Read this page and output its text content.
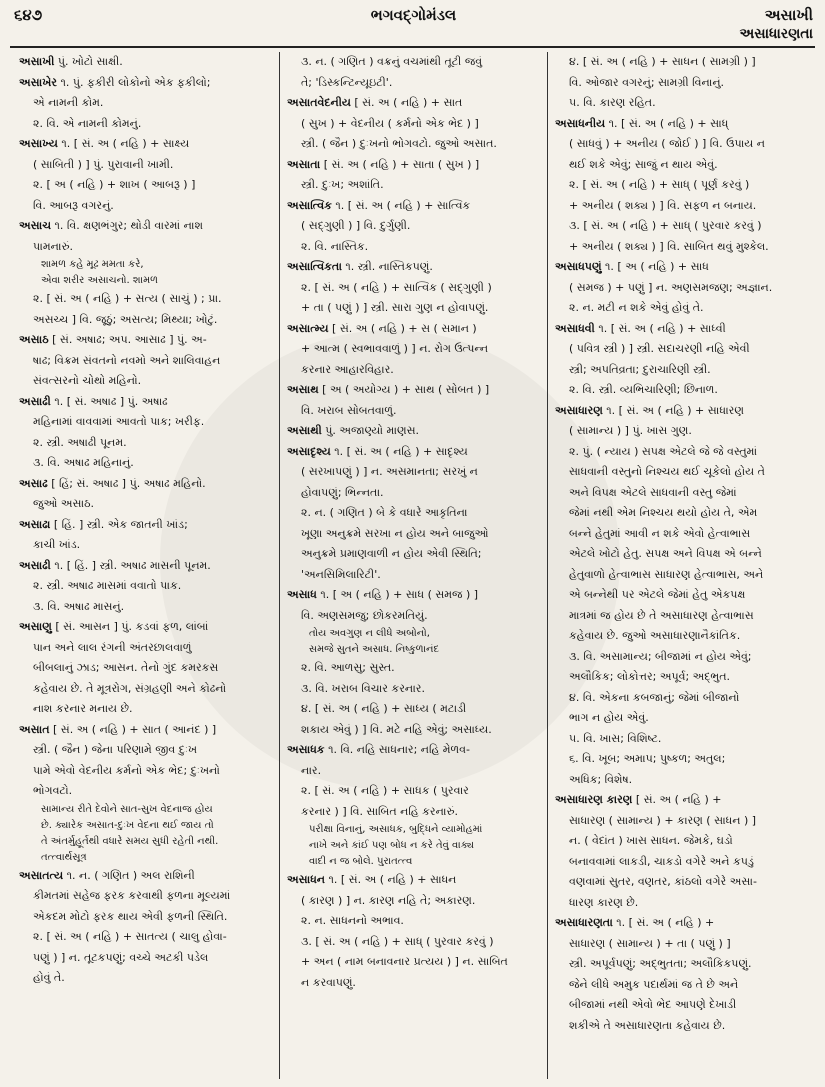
૬૪૭	ભગવદ્ગોમંડલ	અસાખી
અસાધારણતા

અસાખી પું. ખોટો સાક્ષી.

અસાખેર ૧. પું. ફકીરી લોકોનો એક ફકીલો;

એ નામની કોમ.

૨. વિ. એ નામની કોમનું.

અસાખ્ય ૧. [ સં. અ ( નહિ ) + સાક્ષ્ય

( સાબિતી ) ] પું. પુરાવાની ખામી.

૨. [ અ ( નહિ ) + શાખ ( આબરૂ ) ]

વિ. આબરૂ વગરનું.

અસાચ ૧. વિ. ક્ષણભંગુર; થોડી વારમાં નાશ

પામનારું.

શામળ કહે મૂઢ મમતા કરે,

એવા શરીર અસાચનો. શામળ

૨. [ સં. અ ( નહિ ) + સત્ય ( સાચું ) ; પ્રા.

અસચ્ચ ] વિ. જૂઠું; અસત્ય; મિથ્યા; ખોટું.

અસાઠ [ સં. અષાઢ; અપ. આસાઢ ] પું. અ-

ષાઢ; વિક્રમ સંવતનો નવમો અને શાલિવાહન

સંવત્સરનો ચોથો મહિનો.

અસાઢી ૧. [ સં. અષાઢ ] પું. અષાઢ

મહિનામાં વાવવામાં આવતો પાક; ખરીફ.

૨. સ્ત્રી. અષાઢી પૂનમ.

૩. વિ. અષાઢ મહિનાનું.

અસાઢ [ હિં; સં. અષાઢ ] પું. અષાઢ મહિનો.

જુઓ અસાઠ.

અસાઢા [ હિં. ] સ્ત્રી. એક જાતની ખાંડ;

કાચી ખાંડ.

અસાઢી ૧. [ હિં. ] સ્ત્રી. અષાઢ માસની પૂનમ.

૨. સ્ત્રી. અષાઢ માસમાં વવાતો પાક.

૩. વિ. અષાઢ માસનું.

અસાણુ [ સં. આસન ] પું. કડવાં ફળ, લાંબાં

પાન અને લાલ રંગની અંતરછાલવાળું

બીબલાનું ઝાડ; આસન. તેનો ગુંદ કમરકસ

કહેવાય છે. તે મૂત્રરોગ, સંગ્રહણી અને કોઢનો

નાશ કરનાર મનાય છે.

અસાત [ સં. અ ( નહિ ) + સાત ( આનંદ ) ]

સ્ત્રી. ( જૈન ) જેના પરિણામે જીવ દુઃખ

પામે એવો વેદનીય કર્મનો એક ભેદ; દુઃખનો

ભોગવટો.

સામાન્ય રીતે દેવોને સાત-સુખ વેદનાજ હોય

છે. ક્યારેક અસાત-દુઃખ વેદના થઈ જાય તો

તે અંતર્મુહૂર્તથી વધારે સમય સુધી રહેતી નથી.

તત્ત્વાર્થસૂત્ર

અસાતત્ય ૧. ન. ( ગણિત ) અલ રાશિની

કીમતમાં સહેજ ફરક કરવાથી ફળના મૂલ્યમાં

એકદમ મોટો ફરક થાય એવી ફળની સ્થિતિ.

૨. [ સં. અ ( નહિ ) + સાતત્ય ( ચાલુ હોવા-

પણું ) ] ન. તૂટકપણું; વચ્ચે અટકી પડેલ

હોવું તે.

૩. ન. ( ગણિત ) વક્રનું વચમાંથી તૂટી જવું

તે; 'ડિસ્કન્ટિન્યૂઇટી'.

અસાતવેદનીય [ સં. અ ( નહિ ) + સાત

( સુખ ) + વેદનીય ( કર્મનો એક ભેદ ) ]

સ્ત્રી. ( જૈન ) દુઃખનો ભોગવટો. જુઓ અસાત.

અસાતા [ સં. અ ( નહિ ) + સાતા ( સુખ ) ]

સ્ત્રી. દુઃખ; અશાંતિ.

અસાત્વિક ૧. [ સં. અ ( નહિ ) + સાત્વિક

( સદ્ગુણી ) ] વિ. દુર્ગુણી.

૨. વિ. નાસ્તિક.

અસાત્વિકતા ૧. સ્ત્રી. નાસ્તિકપણું.

૨. [ સં. અ ( નહિ ) + સાત્વિક ( સદ્ગુણી )

+ તા ( પણું ) ] સ્ત્રી. સારા ગુણ ન હોવાપણું.

અસાત્મ્ય [ સં. અ ( નહિ ) + સ ( સમાન )

+ આત્મ ( સ્વભાવવાળું ) ] ન. રોગ ઉત્પન્ન

કરનાર આહારવિહાર.

અસાથ [ અ ( અયોગ્ય ) + સાથ ( સોબત ) ]

વિ. ખરાબ સોબતવાળું.

અસાથી પું. અજાણ્યો માણસ.

અસાદૃશ્ય ૧. [ સં. અ ( નહિ ) + સાદૃશ્ય

( સરખાપણું ) ] ન. અસમાનતા; સરખું ન

હોવાપણું; ભિન્નતા.

૨. ન. ( ગણિત ) બે કે વધારે આકૃતિના

ખૂણા અનુક્રમે સરખા ન હોય અને બાજુઓ

અનુક્રમે પ્રમાણવાળી ન હોય એવી સ્થિતિ;

'અનસિમિલારિટી'.

અસાધ ૧. [ અ ( નહિ ) + સાધ ( સમજ ) ]

વિ. અણસમજુ; છોકરમતિયું.

તોય અવગુણ ન લીધે અબોનો,

સમજે સુતને અસાધ. નિષ્કુળાનંદ

૨. વિ. આળસુ; સુસ્ત.

૩. વિ. ખરાબ વિચાર કરનાર.

૪. [ સં. અ ( નહિ ) + સાધ્ય ( મટાડી

શકાય એવું ) ] વિ. મટે નહિ એવું; અસાધ્ય.

અસાધક ૧. વિ. નહિ સાધનાર; નહિ મેળવ-

નાર.

૨. [ સં. અ ( નહિ ) + સાધક ( પુરવાર

કરનાર ) ] વિ. સાબિત નહિ કરનારું.

પરીક્ષા વિનાનું, અસાધક, બુદ્ધિને વ્યામોહમાં

નાખે અને કાંઈ પણ બોધ ન કરે તેવું વાક્ય

વાદી ન જ બોલે. પુરાતત્ત્વ

અસાધન ૧. [ સં. અ ( નહિ ) + સાધન

( કારણ ) ] ન. કારણ નહિ તે; અકારણ.

૨. ન. સાધનનો અભાવ.

૩. [ સં. અ ( નહિ ) + સાધ્ ( પુરવાર કરવું )

+ અન ( નામ બનાવનાર પ્રત્યય ) ] ન. સાબિત

ન કરવાપણું.

૪. [ સં. અ ( નહિ ) + સાધન ( સામગ્રી ) ]

વિ. ઓજાર વગરનું; સામગ્રી વિનાનું.

૫. વિ. કારણ રહિત.

અસાધનીય ૧. [ સં. અ ( નહિ ) + સાધ્

( સાધવું ) + અનીય ( જોઈ ) ] વિ. ઉપાય ન

થઈ શકે એવું; સાજું ન થાય એવું.

૨. [ સં. અ ( નહિ ) + સાધ્ ( પૂર્ણ કરવું )

+ અનીય ( શક્ય ) ] વિ. સફળ ન બનાય.

૩. [ સં. અ ( નહિ ) + સાધ્ ( પુરવાર કરવું )

+ અનીય ( શક્ય ) ] વિ. સાબિત થવું મુશ્કેલ.

અસાધપણું ૧. [ અ ( નહિ ) + સાધ

( સમજ ) + પણું ] ન. અણસમજણ; અજ્ઞાન.

૨. ન. મટી ન શકે એવું હોવું તે.

અસાધવી ૧. [ સં. અ ( નહિ ) + સાધ્વી

( પવિત્ર સ્ત્રી ) ] સ્ત્રી. સદાચરણી નહિ એવી

સ્ત્રી; અપતિવ્રતા; દુરાચારિણી સ્ત્રી.

૨. વિ. સ્ત્રી. વ્યભિચારિણી; છિનાળ.

અસાધારણ ૧. [ સં. અ ( નહિ ) + સાધારણ

( સામાન્ય ) ] પું. ખાસ ગુણ.

૨. પું. ( ન્યાય ) સપક્ષ એટલે જે જે વસ્તુમાં

સાધવાની વસ્તુનો નિશ્ચય થઈ ચૂકેલો હોય તે

અને વિપક્ષ એટલે સાધવાની વસ્તુ જેમાં

જેમાં નથી એમ નિશ્ચય થયો હોય તે, એમ

બન્ને હેતુમાં આવી ન શકે એવો હેત્વાભાસ

એટલે ખોટો હેતુ. સપક્ષ અને વિપક્ષ એ બન્ને

હેતુવાળો હેત્વાભાસ સાધારણ હેત્વાભાસ, અને

એ બન્નેથી પર એટલે જેમાં હેતુ એકપક્ષ

માત્રમાં જ હોય છે તે અસાધારણ હેત્વાભાસ

કહેવાય છે. જુઓ અસાધારણાનૈકાંતિક.

૩. વિ. અસામાન્ય; બીજામાં ન હોય એવું;

અલૌકિક; લોકોત્તર; અપૂર્વ; અદ્ભુત.

૪. વિ. એકના કબજાનું; જેમાં બીજાનો

ભાગ ન હોય એવું.

૫. વિ. ખાસ; વિશિષ્ટ.

૬. વિ. ખૂબ; અમાપ; પુષ્કળ; અતુલ;

અધિક; વિશેષ.

અસાધારણ કારણ [ સં. અ ( નહિ ) +

સાધારણ ( સામાન્ય ) + કારણ ( સાધન ) ]

ન. ( વેદાંત ) ખાસ સાધન. જેમકે, ઘડો

બનાવવામાં લાકડી, ચાકડો વગેરે અને કપડું

વણવામાં સુતર, વણતર, કાંઠલો વગેરે અસા-

ધારણ કારણ છે.

અસાધારણતા ૧. [ સં. અ ( નહિ ) +

સાધારણ ( સામાન્ય ) + તા ( પણું ) ]

સ્ત્રી. અપૂર્વપણું; અદ્ભુતતા; અલૌકિકપણું.

જેને લીધે અમુક પદાર્થમાં જ તે છે અને

બીજામાં નથી એવો ભેદ આપણે દેખાડી

શકીએ તે અસાધારણતા કહેવાય છે.
